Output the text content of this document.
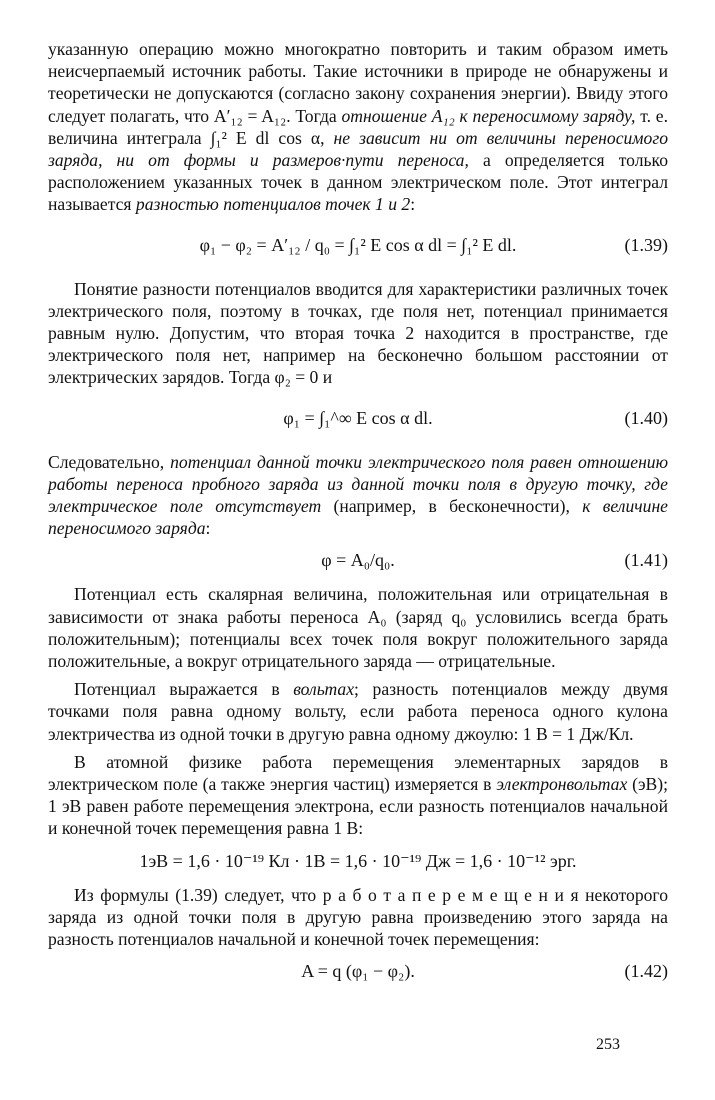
указанную операцию можно многократно повторить и таким образом иметь неисчерпаемый источник работы. Такие источники в природе не обнаружены и теоретически не допускаются (согласно закону сохранения энергии). Ввиду этого следует полагать, что A′₁₂ = A₁₂. Тогда отношение A₁₂ к переносимому заряду, т. е. величина интеграла ∫₁² E dl cos α, не зависит ни от величины переносимого заряда, ни от формы и размеров·пути переноса, а определяется только расположением указанных точек в данном электрическом поле. Этот интеграл называется разностью потенциалов точек 1 и 2:

φ₁ − φ₂ = A′₁₂ / q₀ = ∫₁² E cos α dl = ∫₁² E dl.	(1.39)

Понятие разности потенциалов вводится для характеристики различных точек электрического поля, поэтому в точках, где поля нет, потенциал принимается равным нулю. Допустим, что вторая точка 2 находится в пространстве, где электрического поля нет, например на бесконечно большом расстоянии от электрических зарядов. Тогда φ₂ = 0 и

φ₁ = ∫₁^∞ E cos α dl.	(1.40)

Следовательно, потенциал данной точки электрического поля равен отношению работы переноса пробного заряда из данной точки поля в другую точку, где электрическое поле отсутствует (например, в бесконечности), к величине переносимого заряда:

φ = A₀/q₀.	(1.41)

Потенциал есть скалярная величина, положительная или отрицательная в зависимости от знака работы переноса A₀ (заряд q₀ условились всегда брать положительным); потенциалы всех точек поля вокруг положительного заряда положительные, а вокруг отрицательного заряда — отрицательные.

Потенциал выражается в вольтах; разность потенциалов между двумя точками поля равна одному вольту, если работа переноса одного кулона электричества из одной точки в другую равна одному джоулю: 1 В = 1 Дж/Кл.

В атомной физике работа перемещения элементарных зарядов в электрическом поле (а также энергия частиц) измеряется в электронвольтах (эВ); 1 эВ равен работе перемещения электрона, если разность потенциалов начальной и конечной точек перемещения равна 1 В:

1эВ = 1,6 · 10⁻¹⁹ Кл · 1В = 1,6 · 10⁻¹⁹ Дж = 1,6 · 10⁻¹² эрг.

Из формулы (1.39) следует, что р а б о т а п е р е м е щ е н и я некоторого заряда из одной точки поля в другую равна произведению этого заряда на разность потенциалов начальной и конечной точек перемещения:

A = q (φ₁ − φ₂).	(1.42)
253
